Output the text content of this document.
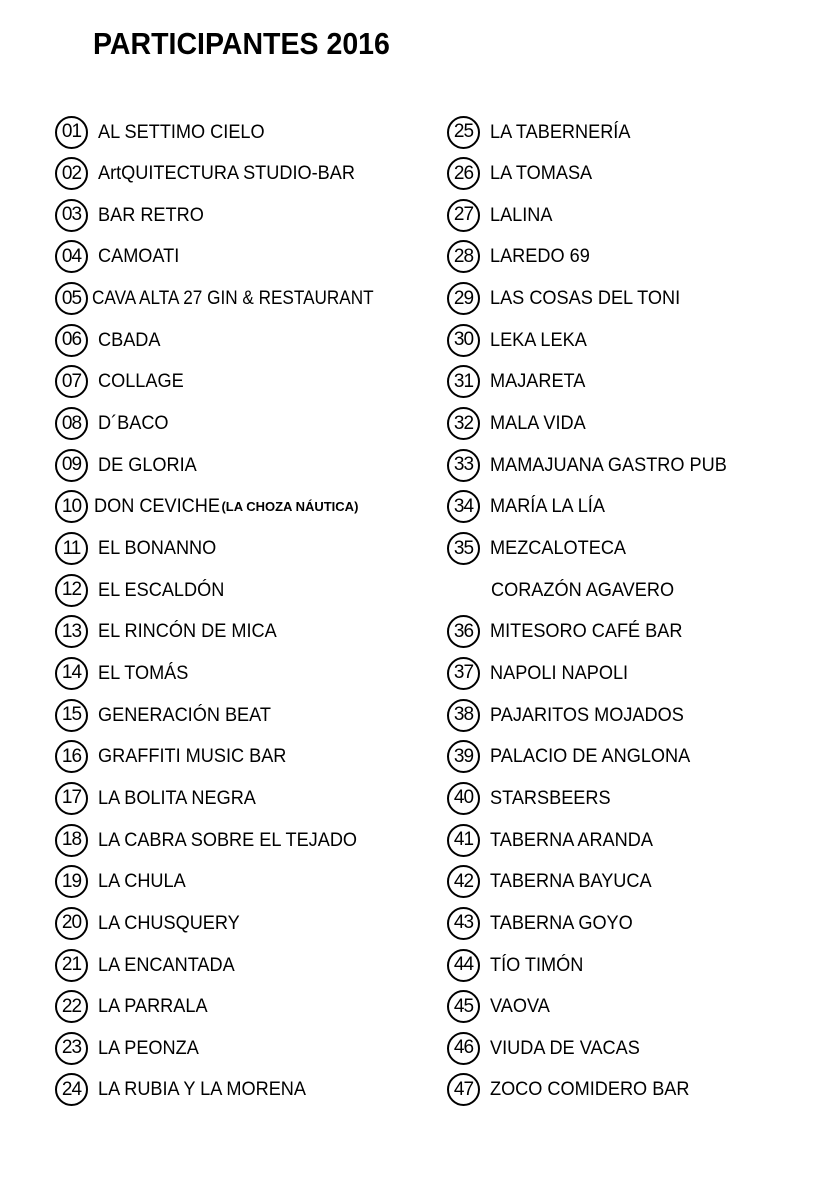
PARTICIPANTES 2016
01 AL SETTIMO CIELO
02 ArtQUITECTURA STUDIO-BAR
03 BAR RETRO
04 CAMOATI
05 CAVA ALTA 27 GIN & RESTAURANT
06 CBADA
07 COLLAGE
08 D´BACO
09 DE GLORIA
10 DON CEVICHE (LA CHOZA NÁUTICA)
11 EL BONANNO
12 EL ESCALDÓN
13 EL RINCÓN DE MICA
14 EL TOMÁS
15 GENERACIÓN BEAT
16 GRAFFITI MUSIC BAR
17 LA BOLITA NEGRA
18 LA CABRA SOBRE EL TEJADO
19 LA CHULA
20 LA CHUSQUERY
21 LA ENCANTADA
22 LA PARRALA
23 LA PEONZA
24 LA RUBIA Y LA MORENA
25 LA TABERNERÍA
26 LA TOMASA
27 LALINA
28 LAREDO 69
29 LAS COSAS DEL TONI
30 LEKA LEKA
31 MAJARETA
32 MALA VIDA
33 MAMAJUANA GASTRO PUB
34 MARÍA LA LÍA
35 MEZCALOTECA
CORAZÓN AGAVERO
36 MITESORO CAFÉ BAR
37 NAPOLI NAPOLI
38 PAJARITOS MOJADOS
39 PALACIO DE ANGLONA
40 STARSBEERS
41 TABERNA ARANDA
42 TABERNA BAYUCA
43 TABERNA GOYO
44 TÍO TIMÓN
45 VAOVA
46 VIUDA DE VACAS
47 ZOCO COMIDERO BAR
